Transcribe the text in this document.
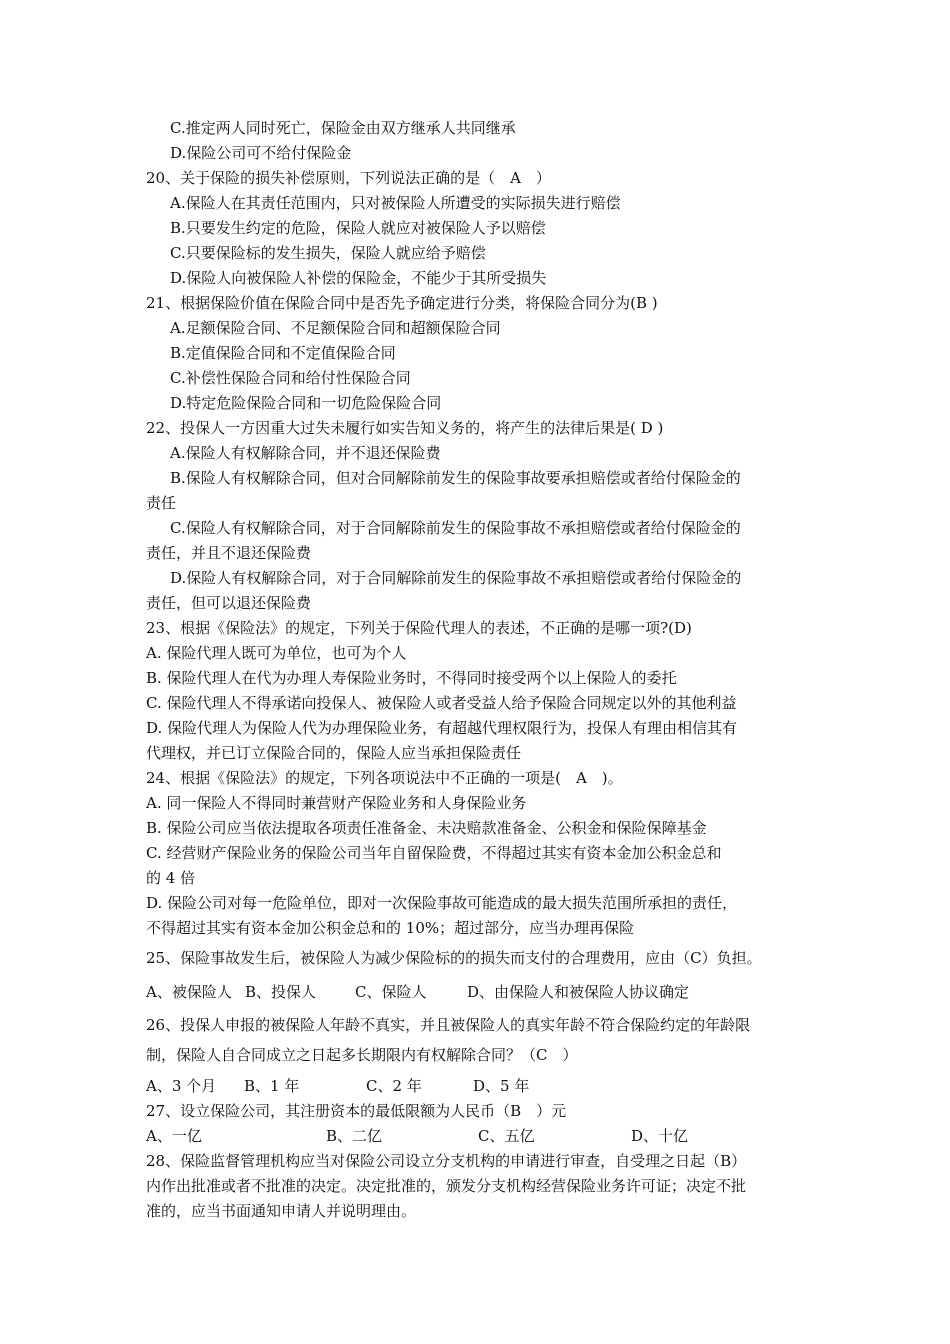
C.推定两人同时死亡，保险金由双方继承人共同继承
D.保险公司可不给付保险金
20、关于保险的损失补偿原则，下列说法正确的是（　A　）
A.保险人在其责任范围内，只对被保险人所遭受的实际损失进行赔偿
B.只要发生约定的危险，保险人就应对被保险人予以赔偿
C.只要保险标的发生损失，保险人就应给予赔偿
D.保险人向被保险人补偿的保险金，不能少于其所受损失
21、根据保险价值在保险合同中是否先予确定进行分类，将保险合同分为(B )
A.足额保险合同、不足额保险合同和超额保险合同
B.定值保险合同和不定值保险合同
C.补偿性保险合同和给付性保险合同
D.特定危险保险合同和一切危险保险合同
22、投保人一方因重大过失未履行如实告知义务的，将产生的法律后果是( D )
A.保险人有权解除合同，并不退还保险费
B.保险人有权解除合同，但对合同解除前发生的保险事故要承担赔偿或者给付保险金的
责任
C.保险人有权解除合同，对于合同解除前发生的保险事故不承担赔偿或者给付保险金的
责任，并且不退还保险费
D.保险人有权解除合同，对于合同解除前发生的保险事故不承担赔偿或者给付保险金的
责任，但可以退还保险费
23、根据《保险法》的规定，下列关于保险代理人的表述，不正确的是哪一项?(D)
A. 保险代理人既可为单位，也可为个人
B. 保险代理人在代为办理人寿保险业务时，不得同时接受两个以上保险人的委托
C. 保险代理人不得承诺向投保人、被保险人或者受益人给予保险合同规定以外的其他利益
D. 保险代理人为保险人代为办理保险业务，有超越代理权限行为，投保人有理由相信其有
代理权，并已订立保险合同的，保险人应当承担保险责任
24、根据《保险法》的规定，下列各项说法中不正确的一项是(　A　)。
A. 同一保险人不得同时兼营财产保险业务和人身保险业务
B. 保险公司应当依法提取各项责任准备金、未决赔款准备金、公积金和保险保障基金
C. 经营财产保险业务的保险公司当年自留保险费，不得超过其实有资本金加公积金总和
的 4 倍
D. 保险公司对每一危险单位，即对一次保险事故可能造成的最大损失范围所承担的责任，
不得超过其实有资本金加公积金总和的 10%；超过部分，应当办理再保险
25、保险事故发生后，被保险人为减少保险标的的损失而支付的合理费用，应由（C）负担。
A、被保险人 B、投保人	C、保险人	D、由保险人和被保险人协议确定
26、投保人申报的被保险人年龄不真实，并且被保险人的真实年龄不符合保险约定的年龄限
制，保险人自合同成立之日起多长期限内有权解除合同？（C　）
A、3 个月	B、1 年	C、2 年	D、5 年
27、设立保险公司，其注册资本的最低限额为人民币（B　）元
A、一亿	B、二亿	C、五亿	D、十亿
28、保险监督管理机构应当对保险公司设立分支机构的申请进行审查，自受理之日起（B）
内作出批准或者不批准的决定。决定批准的，颁发分支机构经营保险业务许可证；决定不批
准的，应当书面通知申请人并说明理由。
